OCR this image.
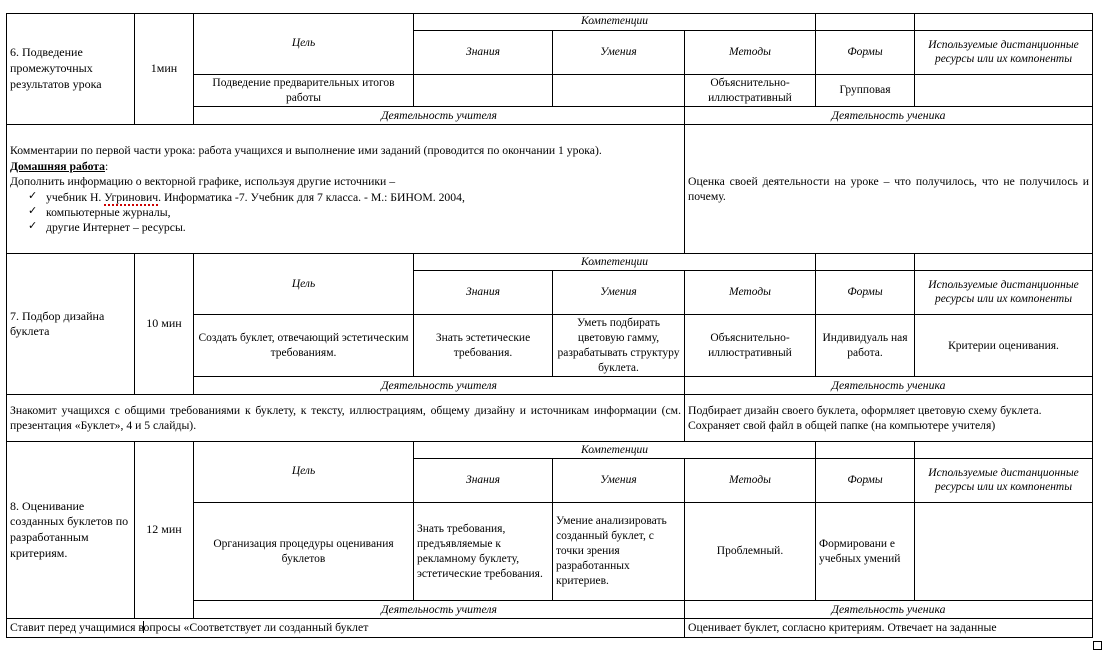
6. Подведение промежуточных результатов урока	1мин	Цель	Компетенции				
			Знания	Умения	Методы	Формы	Используемые дистанционные ресурсы или их компоненты
		Подведение предварительных итогов работы			Объяснительно-иллюстративный	Групповая	
		Деятельность учителя			Деятельность ученика		

Комментарии по первой части урока: работа учащихся и выполнение ими заданий (проводится по окончании 1 урока).
Домашняя работа:
Дополнить информацию о векторной графике, используя другие источники –
✓ учебник Н. Угринович. Информатика -7. Учебник для 7 класса. - М.: БИНОМ. 2004,
✓ компьютерные журналы,
✓ другие Интернет – ресурсы.
	Оценка своей деятельности на уроке – что получилось, что не получилось и почему.
7. Подбор дизайна буклета	10 мин	Цель	Компетенции				
			Знания	Умения	Методы	Формы	Используемые дистанционные ресурсы или их компоненты
		Создать буклет, отвечающий эстетическим требованиям.	Знать эстетические требования.	Уметь подбирать цветовую гамму, разрабатывать структуру буклета.	Объяснительно-иллюстративный	Индивидуаль ная работа.	Критерии оценивания.
		Деятельность учителя			Деятельность ученика		
Знакомит учащихся с общими требованиями к буклету, к тексту, иллюстрациям, общему дизайну и источникам информации (см. презентация «Буклет», 4 и 5 слайды).					Подбирает дизайн своего буклета, оформляет цветовую схему буклета.
Сохраняет свой файл в общей папке (на компьютере учителя)		

8. Оценивание созданных буклетов по разработанным критериям.	12 мин	Цель	Компетенции				
			Знания	Умения	Методы	Формы	Используемые дистанционные ресурсы или их компоненты
		Организация процедуры оценивания буклетов	Знать требования, предъявляемые к рекламному буклету, эстетические требования.	Умение анализировать созданный буклет, с точки зрения разработанных критериев.	Проблемный.	Формировани е учебных умений	
		Деятельность учителя			Деятельность ученика		

Ставит перед учащимися вопросы «Соответствует ли созданный буклет					Оценивает буклет, согласно критериям. Отвечает на заданные		
